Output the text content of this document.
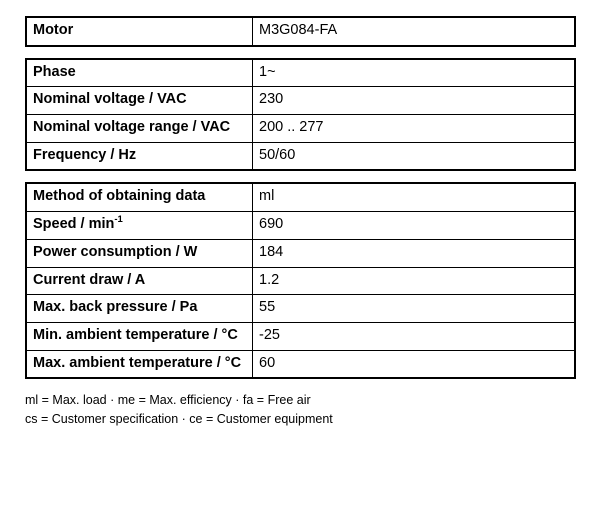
Motor	M3G084-FA
Phase	1~
Nominal voltage / VAC	230
Nominal voltage range / VAC	200 .. 277
Frequency / Hz	50/60
Method of obtaining data	ml
Speed / $\min^{-1}$	690
Power consumption / W	184
Current draw / A	1.2
Max. back pressure / Pa	55
Min. ambient temperature / °C	-25
Max. ambient temperature / °C	60
ml = Max. load · me = Max. efficiency · fa = Free air
cs = Customer specification · ce = Customer equipment
